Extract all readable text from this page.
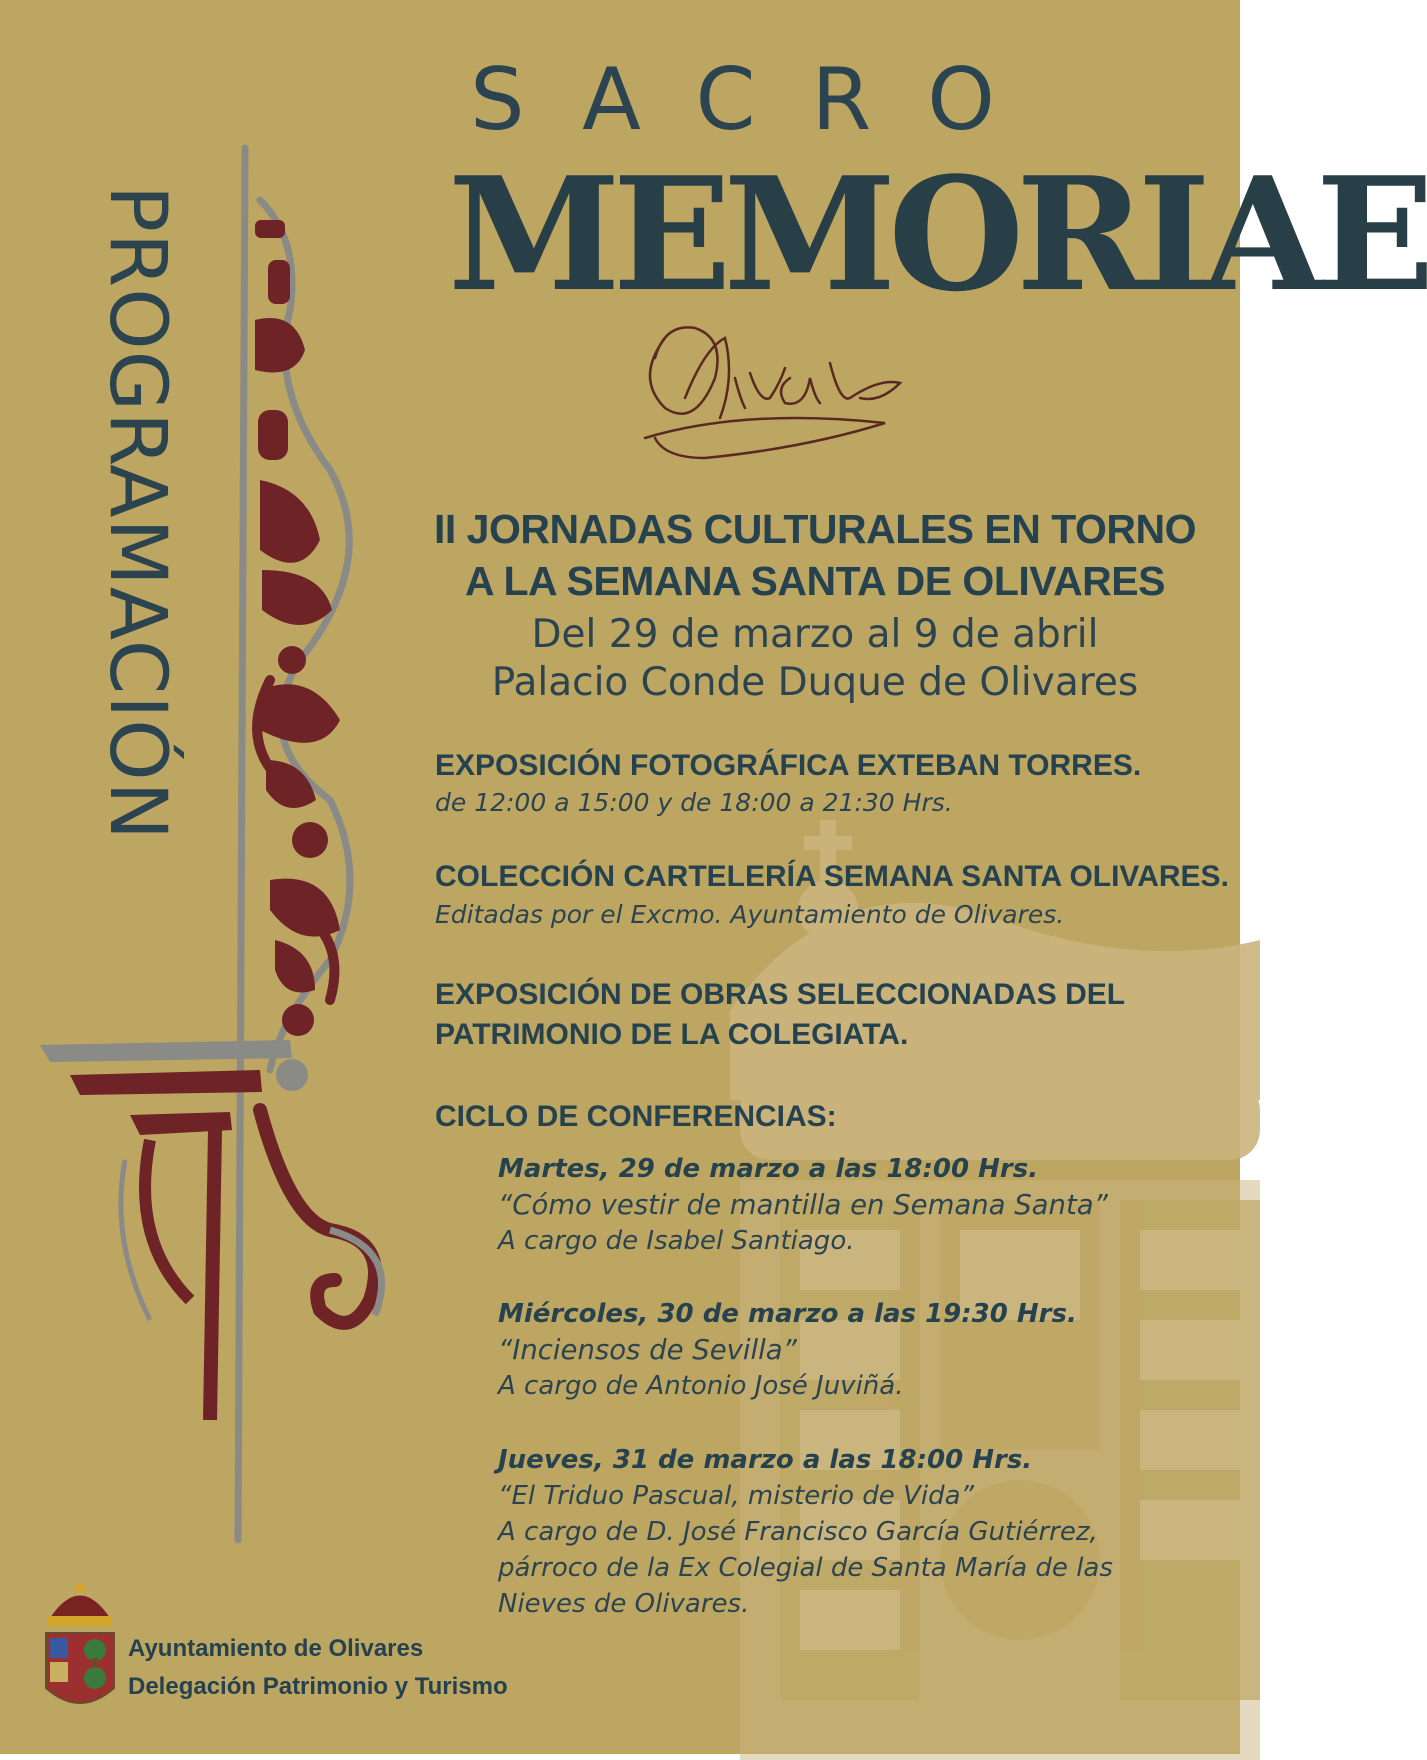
PROGRAMACIÓN
SACRO
MEMORIAE
II JORNADAS CULTURALES EN TORNO
A LA SEMANA SANTA DE OLIVARES
Del 29 de marzo al 9 de abril
Palacio Conde Duque de Olivares
EXPOSICIÓN FOTOGRÁFICA EXTEBAN TORRES.
de 12:00 a 15:00 y de 18:00 a 21:30 Hrs.
COLECCIÓN CARTELERÍA SEMANA SANTA OLIVARES.
Editadas por el Excmo. Ayuntamiento de Olivares.
EXPOSICIÓN DE OBRAS SELECCIONADAS DEL
PATRIMONIO DE LA COLEGIATA.
CICLO DE CONFERENCIAS:
Martes, 29 de marzo a las 18:00 Hrs.
“Cómo vestir de mantilla en Semana Santa”
A cargo de Isabel Santiago.
Miércoles, 30 de marzo a las 19:30 Hrs.
“Inciensos de Sevilla”
A cargo de Antonio José Juviñá.
Jueves, 31 de marzo a las 18:00 Hrs.
“El Triduo Pascual, misterio de Vida”
A cargo de D. José Francisco García Gutiérrez,
párroco de la Ex Colegial de Santa María de las
Nieves de Olivares.
Ayuntamiento de Olivares
Delegación Patrimonio y Turismo
